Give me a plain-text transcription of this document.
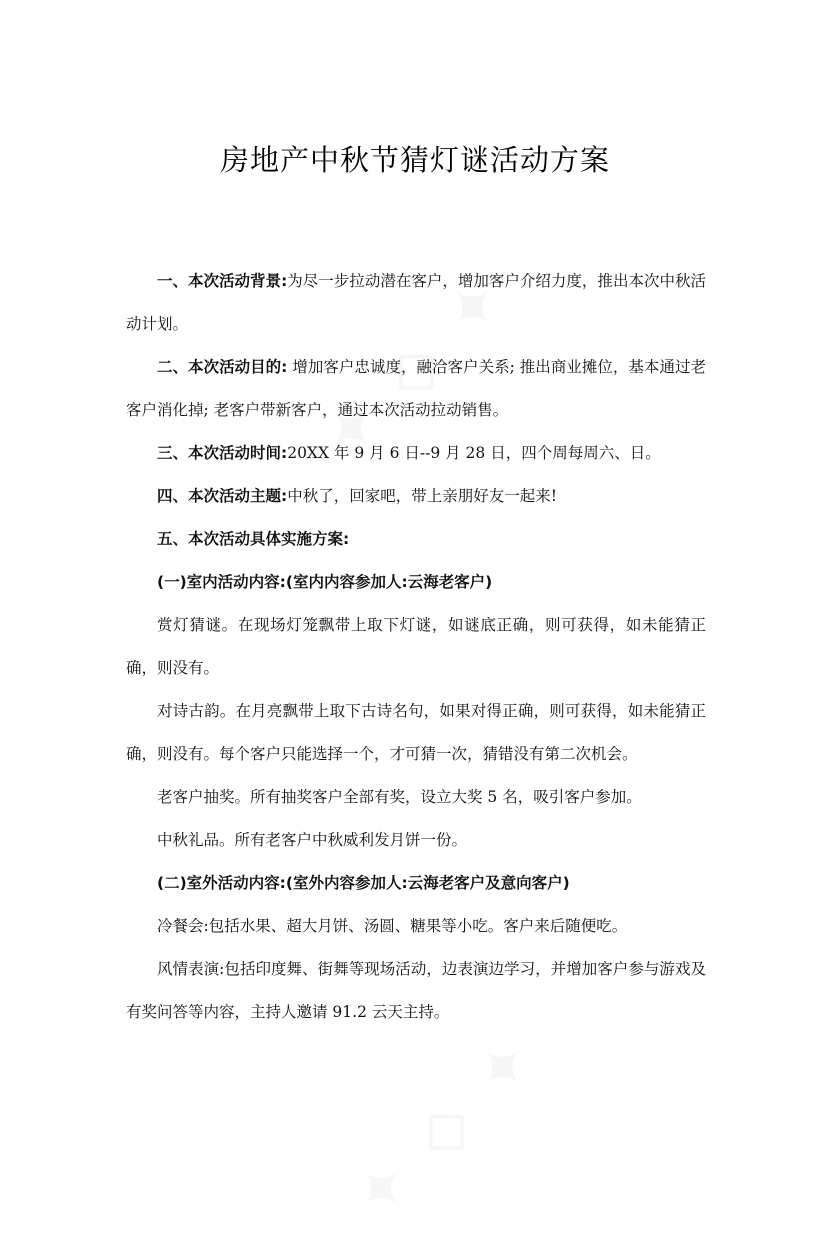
房地产中秋节猜灯谜活动方案

一、本次活动背景:为尽一步拉动潜在客户，增加客户介绍力度，推出本次中秋活动计划。

二、本次活动目的: 增加客户忠诚度，融洽客户关系; 推出商业摊位，基本通过老客户消化掉; 老客户带新客户，通过本次活动拉动销售。

三、本次活动时间:20XX 年 9 月 6 日--9 月 28 日，四个周每周六、日。

四、本次活动主题:中秋了，回家吧，带上亲朋好友一起来!

五、本次活动具体实施方案:

(一)室内活动内容:(室内内容参加人:云海老客户)

赏灯猜谜。在现场灯笼飘带上取下灯谜，如谜底正确，则可获得，如未能猜正确，则没有。

对诗古韵。在月亮飘带上取下古诗名句，如果对得正确，则可获得，如未能猜正确，则没有。每个客户只能选择一个，才可猜一次，猜错没有第二次机会。

老客户抽奖。所有抽奖客户全部有奖，设立大奖 5 名，吸引客户参加。

中秋礼品。所有老客户中秋威利发月饼一份。

(二)室外活动内容:(室外内容参加人:云海老客户及意向客户)

冷餐会:包括水果、超大月饼、汤圆、糖果等小吃。客户来后随便吃。

风情表演:包括印度舞、街舞等现场活动，边表演边学习，并增加客户参与游戏及有奖问答等内容，主持人邀请 91.2 云天主持。
